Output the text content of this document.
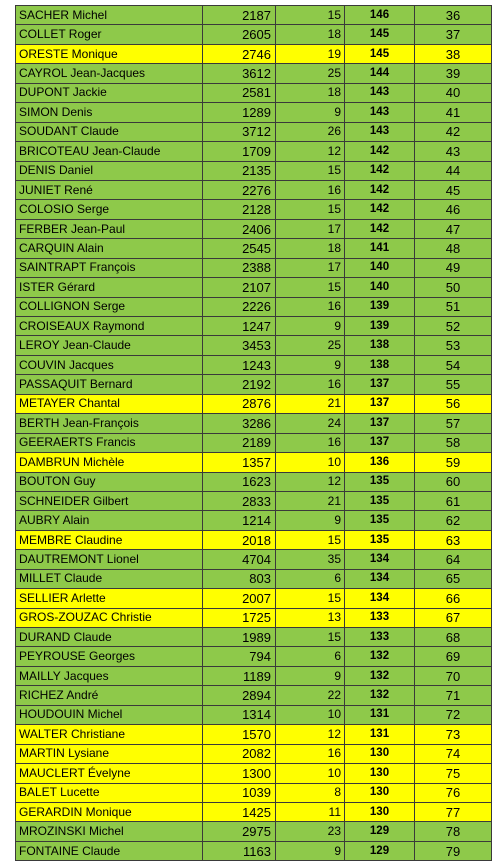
SACHER Michel	2187	15	146	36
COLLET Roger	2605	18	145	37
ORESTE Monique	2746	19	145	38
CAYROL Jean-Jacques	3612	25	144	39
DUPONT Jackie	2581	18	143	40
SIMON Denis	1289	9	143	41
SOUDANT Claude	3712	26	143	42
BRICOTEAU Jean-Claude	1709	12	142	43
DENIS Daniel	2135	15	142	44
JUNIET René	2276	16	142	45
COLOSIO Serge	2128	15	142	46
FERBER Jean-Paul	2406	17	142	47
CARQUIN Alain	2545	18	141	48
SAINTRAPT François	2388	17	140	49
ISTER Gérard	2107	15	140	50
COLLIGNON Serge	2226	16	139	51
CROISEAUX Raymond	1247	9	139	52
LEROY Jean-Claude	3453	25	138	53
COUVIN Jacques	1243	9	138	54
PASSAQUIT Bernard	2192	16	137	55
METAYER Chantal	2876	21	137	56
BERTH Jean-François	3286	24	137	57
GEERAERTS Francis	2189	16	137	58
DAMBRUN Michèle	1357	10	136	59
BOUTON Guy	1623	12	135	60
SCHNEIDER Gilbert	2833	21	135	61
AUBRY Alain	1214	9	135	62
MEMBRE Claudine	2018	15	135	63
DAUTREMONT Lionel	4704	35	134	64
MILLET Claude	803	6	134	65
SELLIER Arlette	2007	15	134	66
GROS-ZOUZAC Christie	1725	13	133	67
DURAND Claude	1989	15	133	68
PEYROUSE Georges	794	6	132	69
MAILLY Jacques	1189	9	132	70
RICHEZ André	2894	22	132	71
HOUDOUIN Michel	1314	10	131	72
WALTER Christiane	1570	12	131	73
MARTIN Lysiane	2082	16	130	74
MAUCLERT Évelyne	1300	10	130	75
BALET Lucette	1039	8	130	76
GERARDIN Monique	1425	11	130	77
MROZINSKI Michel	2975	23	129	78
FONTAINE Claude	1163	9	129	79
